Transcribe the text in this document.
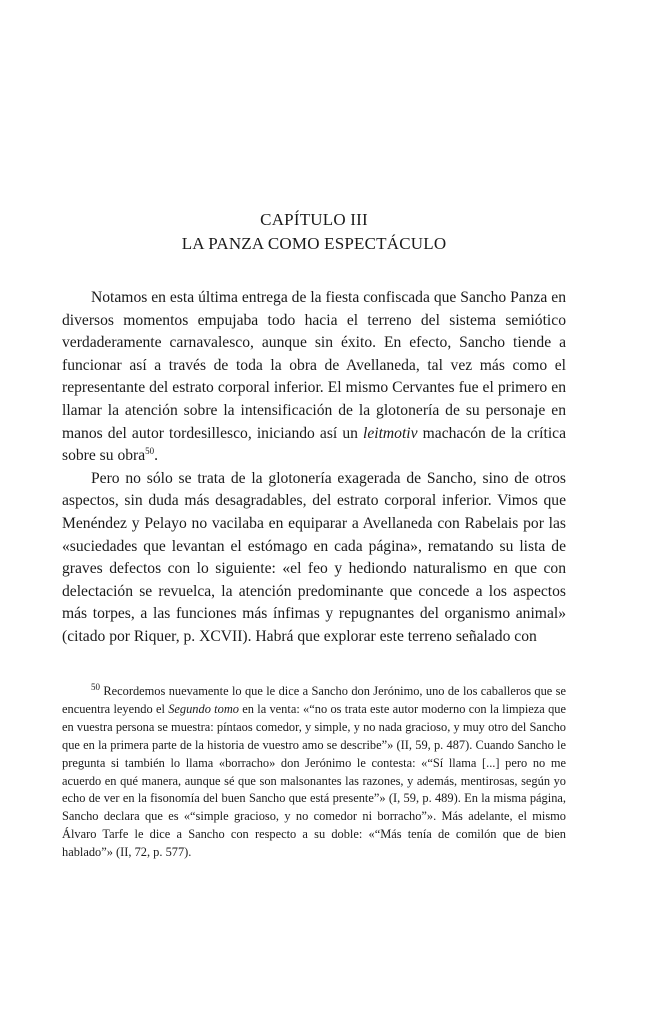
CAPÍTULO III
LA PANZA COMO ESPECTÁCULO

Notamos en esta última entrega de la fiesta confiscada que Sancho Panza en diversos momentos empujaba todo hacia el terreno del sistema semiótico verdaderamente carnavalesco, aunque sin éxito. En efecto, Sancho tiende a funcionar así a través de toda la obra de Avellaneda, tal vez más como el representante del estrato corporal inferior. El mismo Cervantes fue el primero en llamar la atención sobre la intensificación de la glotonería de su personaje en manos del autor tordesillesco, iniciando así un leitmotiv machacón de la crítica sobre su obra$^{50}$.

Pero no sólo se trata de la glotonería exagerada de Sancho, sino de otros aspectos, sin duda más desagradables, del estrato corporal inferior. Vimos que Menéndez y Pelayo no vacilaba en equiparar a Avellaneda con Rabelais por las «suciedades que levantan el estómago en cada página», rematando su lista de graves defectos con lo siguiente: «el feo y hediondo naturalismo en que con delectación se revuelca, la atención predominante que concede a los aspectos más torpes, a las funciones más ínfimas y repugnantes del organismo animal» (citado por Riquer, p. XCVII). Habrá que explorar este terreno señalado con

$^{50}$ Recordemos nuevamente lo que le dice a Sancho don Jerónimo, uno de los caballeros que se encuentra leyendo el Segundo tomo en la venta: «“no os trata este autor moderno con la limpieza que en vuestra persona se muestra: píntaos comedor, y simple, y no nada gracioso, y muy otro del Sancho que en la primera parte de la historia de vuestro amo se describe”» (II, 59, p. 487). Cuando Sancho le pregunta si también lo llama «borracho» don Jerónimo le contesta: «“Sí llama [...] pero no me acuerdo en qué manera, aunque sé que son malsonantes las razones, y además, mentirosas, según yo echo de ver en la fisonomía del buen Sancho que está presente”» (I, 59, p. 489). En la misma página, Sancho declara que es «“simple gracioso, y no comedor ni borracho”». Más adelante, el mismo Álvaro Tarfe le dice a Sancho con respecto a su doble: «“Más tenía de comilón que de bien hablado”» (II, 72, p. 577).
